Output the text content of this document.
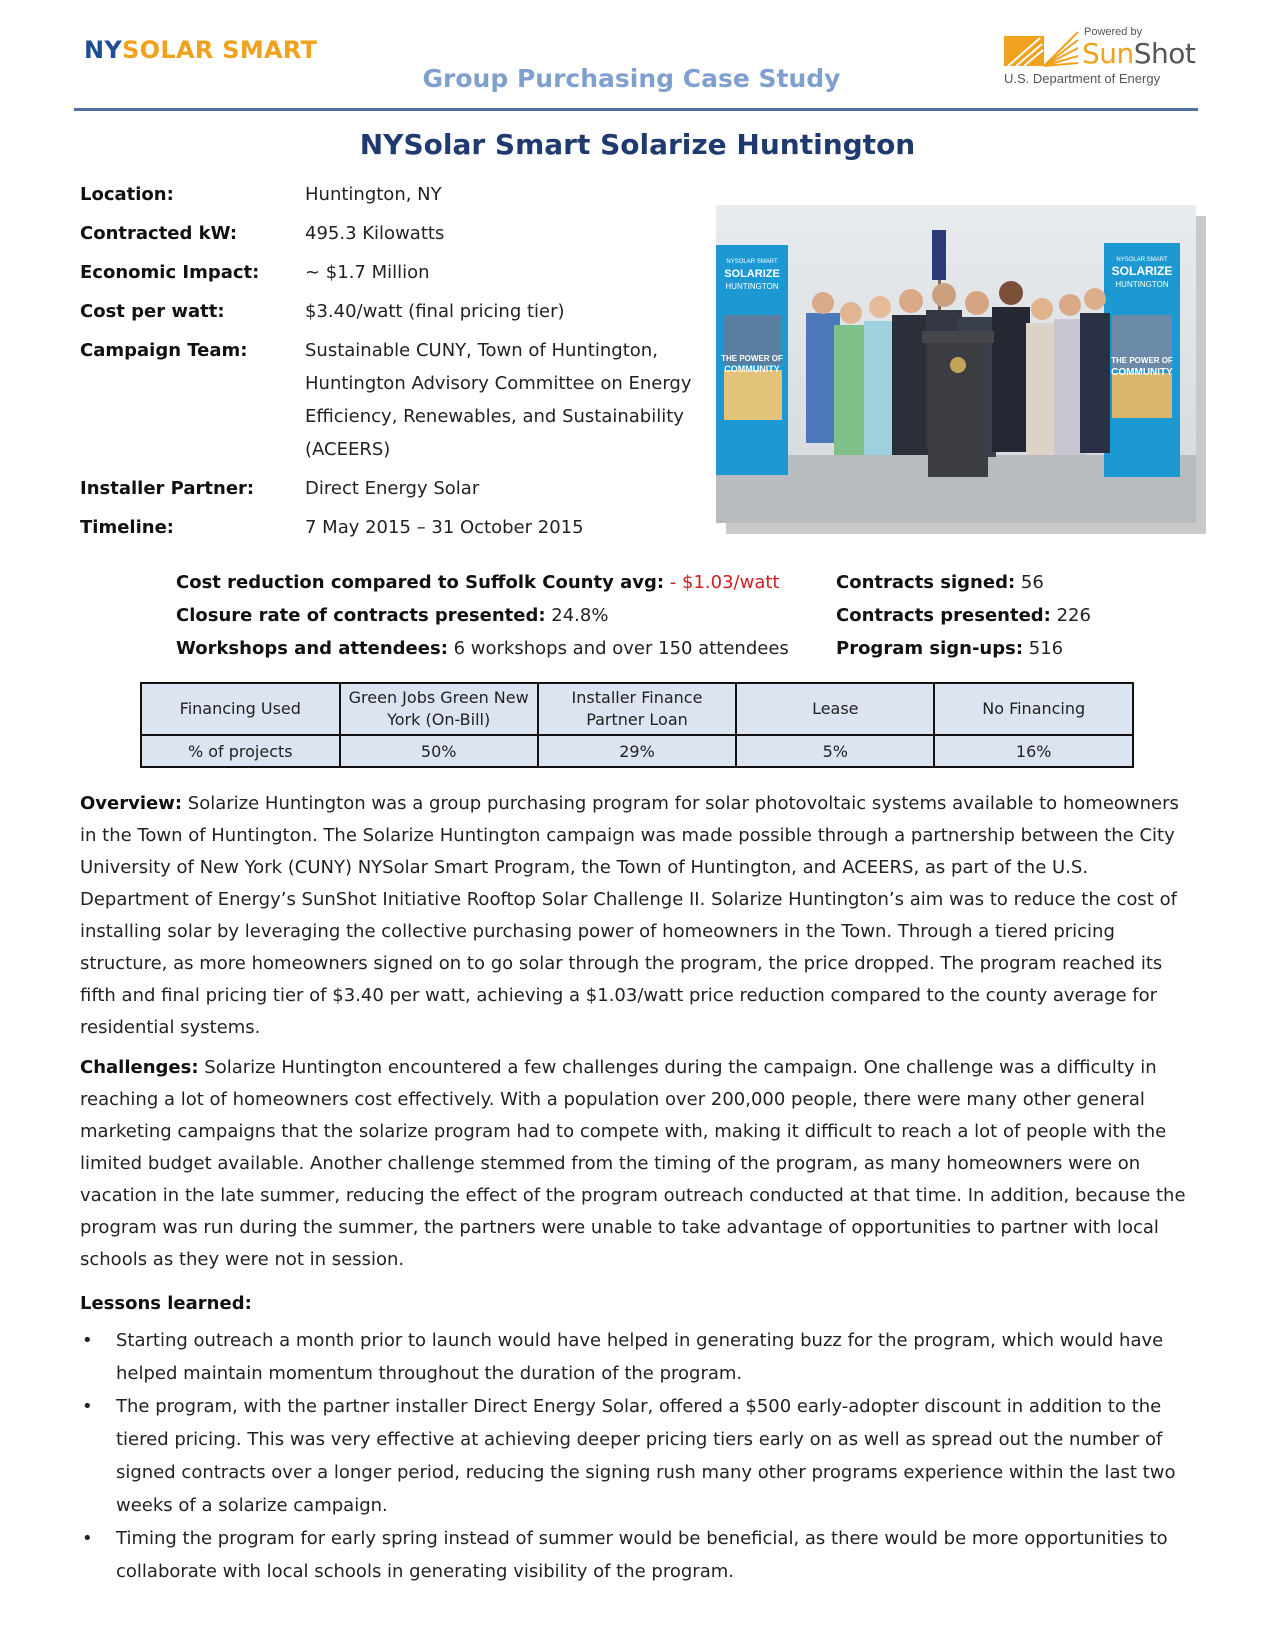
NYSOLAR SMART
Group Purchasing Case Study
Powered by
SunShot
U.S. Department of Energy
NYSolar Smart Solarize Huntington
Location:	Huntington, NY
Contracted kW:	495.3 Kilowatts
Economic Impact:	~ $1.7 Million
Cost per watt:	$3.40/watt (final pricing tier)
Campaign Team:	Sustainable CUNY, Town of Huntington, Huntington Advisory Committee on Energy Efficiency, Renewables, and Sustainability (ACEERS)
Installer Partner:	Direct Energy Solar
Timeline:	7 May 2015 – 31 October 2015
NYSOLAR SMART
SOLARIZE
HUNTINGTON
THE POWER OF
COMMUNITY
NYSOLAR SMART
SOLARIZE
HUNTINGTON
THE POWER OF
COMMUNITY
Cost reduction compared to Suffolk County avg: - $1.03/watt
Closure rate of contracts presented: 24.8%
Workshops and attendees: 6 workshops and over 150 attendees
Contracts signed: 56
Contracts presented: 226
Program sign-ups: 516
Financing Used	Green Jobs Green New York (On-Bill)	Installer Finance Partner Loan	Lease	No Financing
% of projects	50%	29%	5%	16%
Overview: Solarize Huntington was a group purchasing program for solar photovoltaic systems available to homeowners in the Town of Huntington. The Solarize Huntington campaign was made possible through a partnership between the City University of New York (CUNY) NYSolar Smart Program, the Town of Huntington, and ACEERS, as part of the U.S. Department of Energy’s SunShot Initiative Rooftop Solar Challenge II. Solarize Huntington’s aim was to reduce the cost of installing solar by leveraging the collective purchasing power of homeowners in the Town. Through a tiered pricing structure, as more homeowners signed on to go solar through the program, the price dropped. The program reached its fifth and final pricing tier of $3.40 per watt, achieving a $1.03/watt price reduction compared to the county average for residential systems.
Challenges: Solarize Huntington encountered a few challenges during the campaign. One challenge was a difficulty in reaching a lot of homeowners cost effectively. With a population over 200,000 people, there were many other general marketing campaigns that the solarize program had to compete with, making it difficult to reach a lot of people with the limited budget available. Another challenge stemmed from the timing of the program, as many homeowners were on vacation in the late summer, reducing the effect of the program outreach conducted at that time. In addition, because the program was run during the summer, the partners were unable to take advantage of opportunities to partner with local schools as they were not in session.
Lessons learned:
• Starting outreach a month prior to launch would have helped in generating buzz for the program, which would have helped maintain momentum throughout the duration of the program.
• The program, with the partner installer Direct Energy Solar, offered a $500 early-adopter discount in addition to the tiered pricing. This was very effective at achieving deeper pricing tiers early on as well as spread out the number of signed contracts over a longer period, reducing the signing rush many other programs experience within the last two weeks of a solarize campaign.
• Timing the program for early spring instead of summer would be beneficial, as there would be more opportunities to collaborate with local schools in generating visibility of the program.
